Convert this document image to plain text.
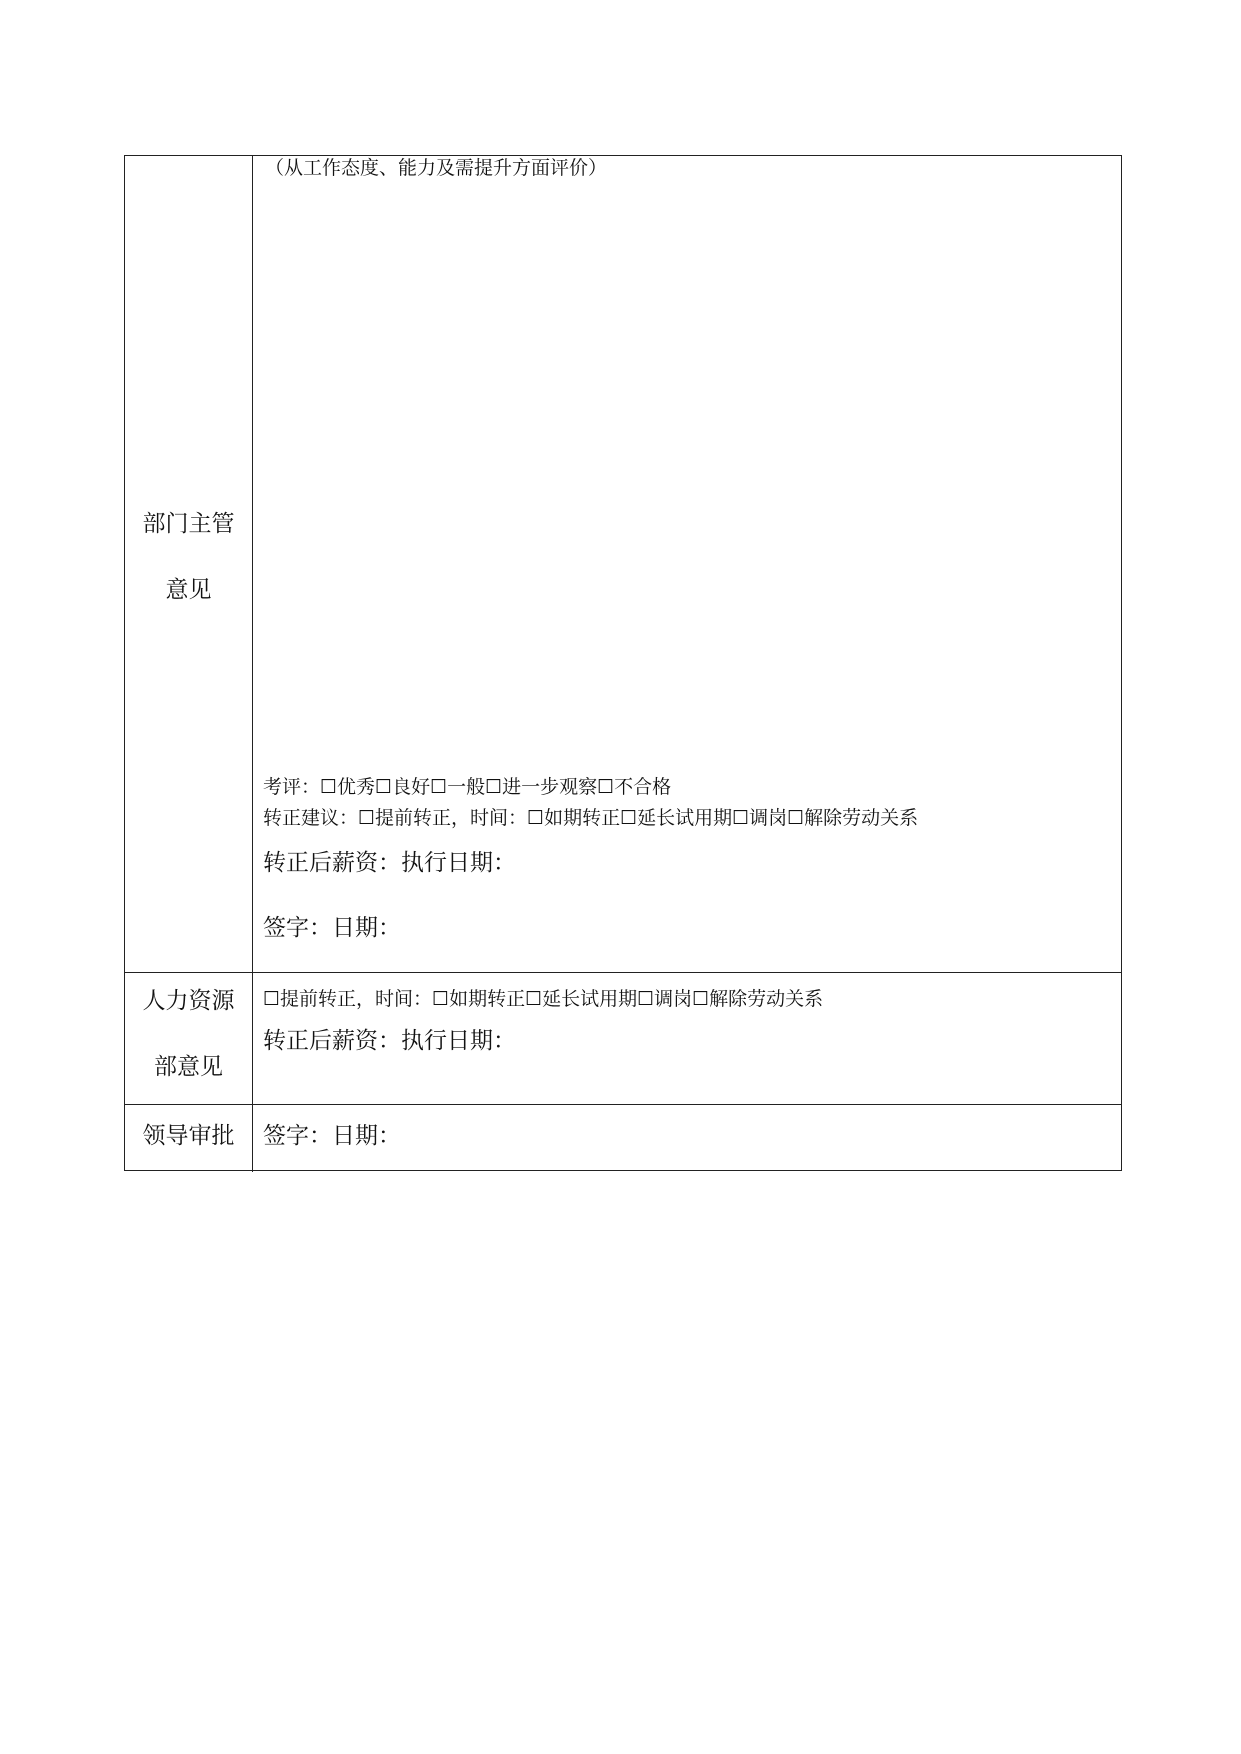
部门主管
意见
（从工作态度、能力及需提升方面评价）
考评：☐优秀☐良好☐一般☐进一步观察☐不合格
转正建议：☐提前转正，时间：☐如期转正☐延长试用期☐调岗☐解除劳动关系
转正后薪资：执行日期：
签字：日期：
人力资源
部意见
☐提前转正，时间：☐如期转正☐延长试用期☐调岗☐解除劳动关系
转正后薪资：执行日期：
领导审批	签字：日期：
